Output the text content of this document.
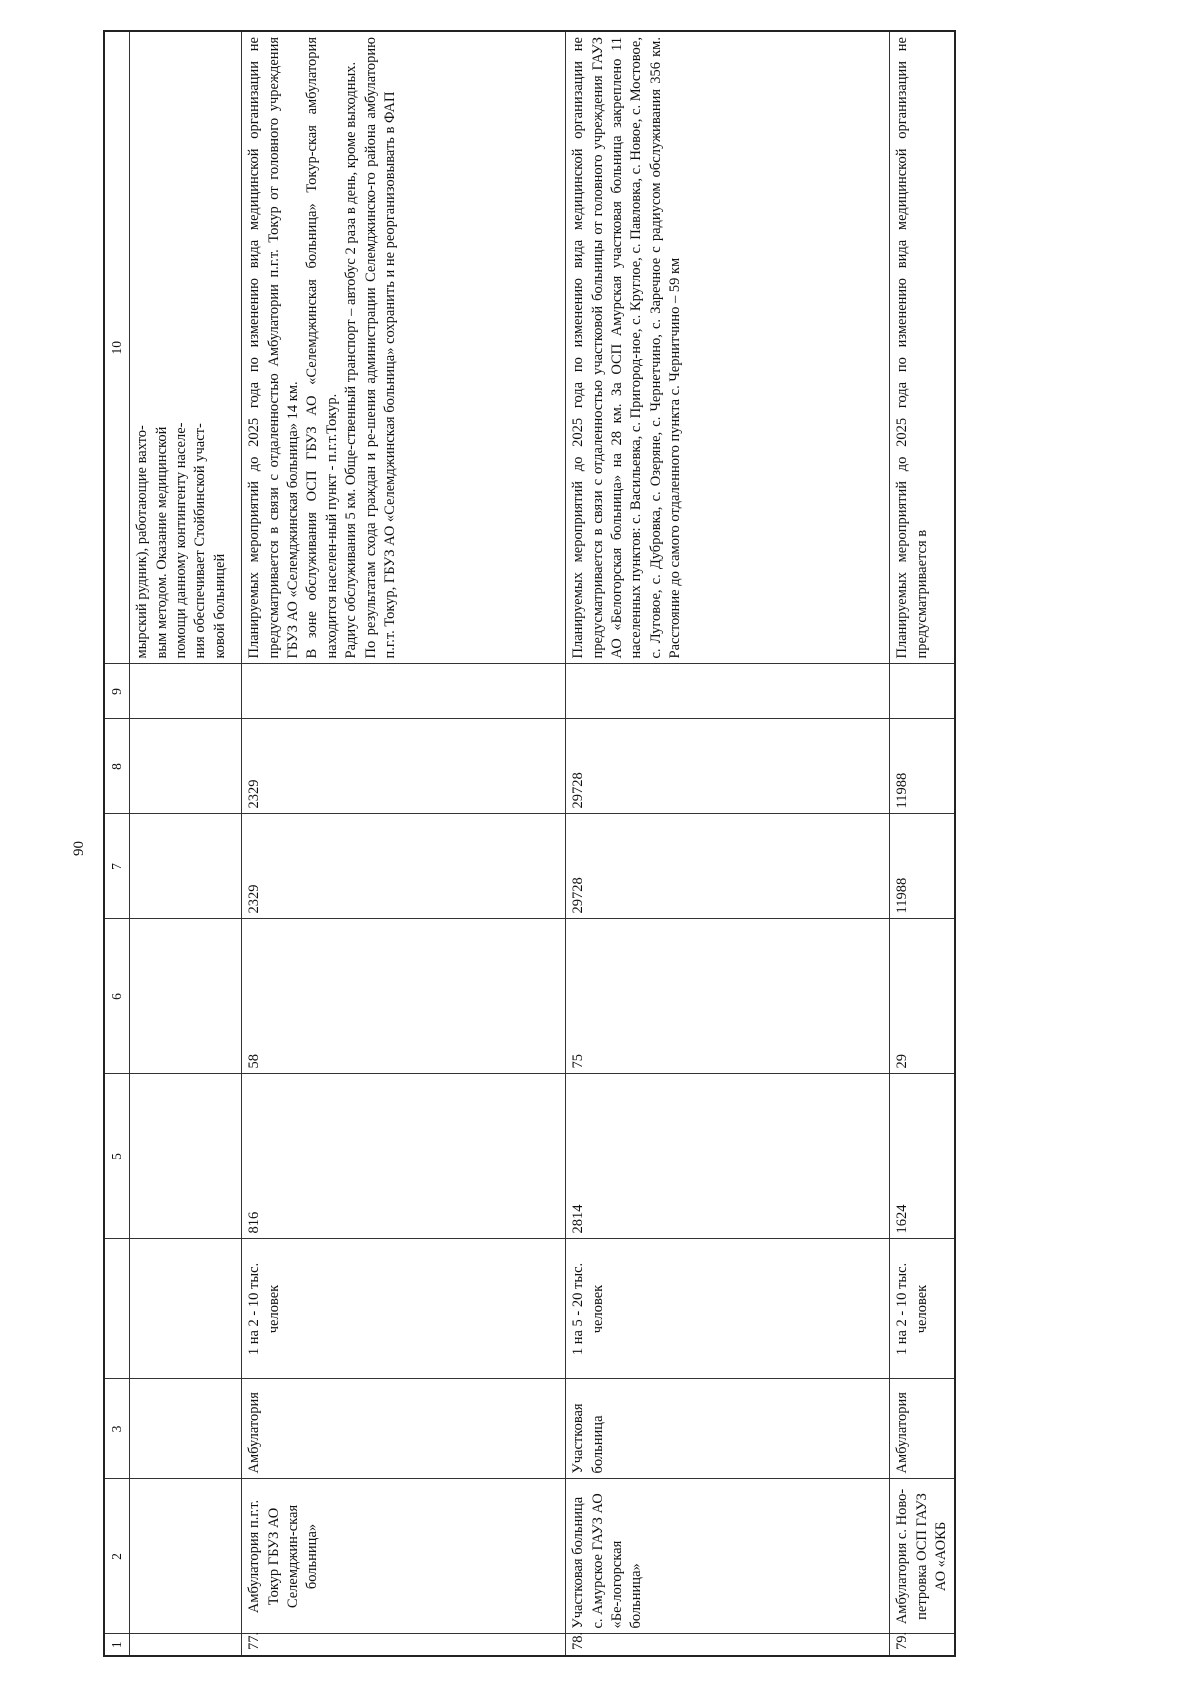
90
1	2	3		5	6	7	8	9	10
									мырский рудник), работающие вахто-
вым методом. Оказание медицинской
помощи данному контингенту населе-
ния обеспечивает Стойбинской участ-
ковой больницей
77.	Амбулатория п.г.т. Токур ГБУЗ АО Селемджин-ская больница»	Амбулатория	1 на 2 - 10 тыс. человек	816	58	2329	2329		Планируемых мероприятий до 2025 года по изменению вида медицинской организации не предусматривается в связи с отдаленностью Амбулатории п.г.т. Токур от головного учреждения ГБУЗ АО «Селемджинская больница» 14 км.
В зоне обслуживания ОСП ГБУЗ АО «Селемджинская больница» Токур-ская амбулатория находится населен-ный пункт - п.г.т.Токур.
Радиус обслуживания 5 км. Обще-ственный транспорт – автобус 2 раза в день, кроме выходных.
По результатам схода граждан и ре-шения администрации Селемджинско-го района амбулаторию п.г.т. Токур, ГБУЗ АО «Селемджинская больница» сохранить и не реорганизовывать в ФАП
78.	Участковая больница с. Амурское ГАУЗ АО «Бе-логорская больница»	Участковая больница	1 на 5 - 20 тыс. человек	2814	75	29728	29728		Планируемых мероприятий до 2025 года по изменению вида медицинской организации не предусматривается в связи с отдаленностью участковой больницы от головного учреждения ГАУЗ АО «Белогорская больница» на 28 км. За ОСП Амурская участковая больница закреплено 11 населенных пунктов: с. Васильевка, с. Пригород-ное, с. Круглое, с. Павловка, с. Новое, с. Мостовое, с. Луговое, с. Дубровка, с. Озеряне, с. Чернетчино, с. Заречное с радиусом обслуживания 356 км. Расстояние до самого отдаленного пункта с. Чернитчино – 59 км
79.	Амбулатория с. Ново-петровка ОСП ГАУЗ АО «АОКБ	Амбулатория	1 на 2 - 10 тыс. человек	1624	29	11988	11988		Планируемых мероприятий до 2025 года по изменению вида медицинской организации не предусматривается в
